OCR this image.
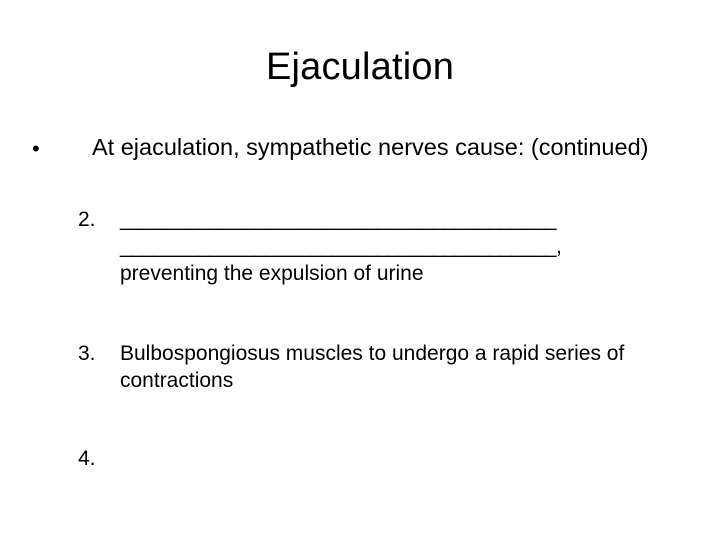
Ejaculation
• At ejaculation, sympathetic nerves cause: (continued)
2. _______________________________________
_______________________________________,
preventing the expulsion of urine
3. Bulbospongiosus muscles to undergo a rapid series of contractions
4.
